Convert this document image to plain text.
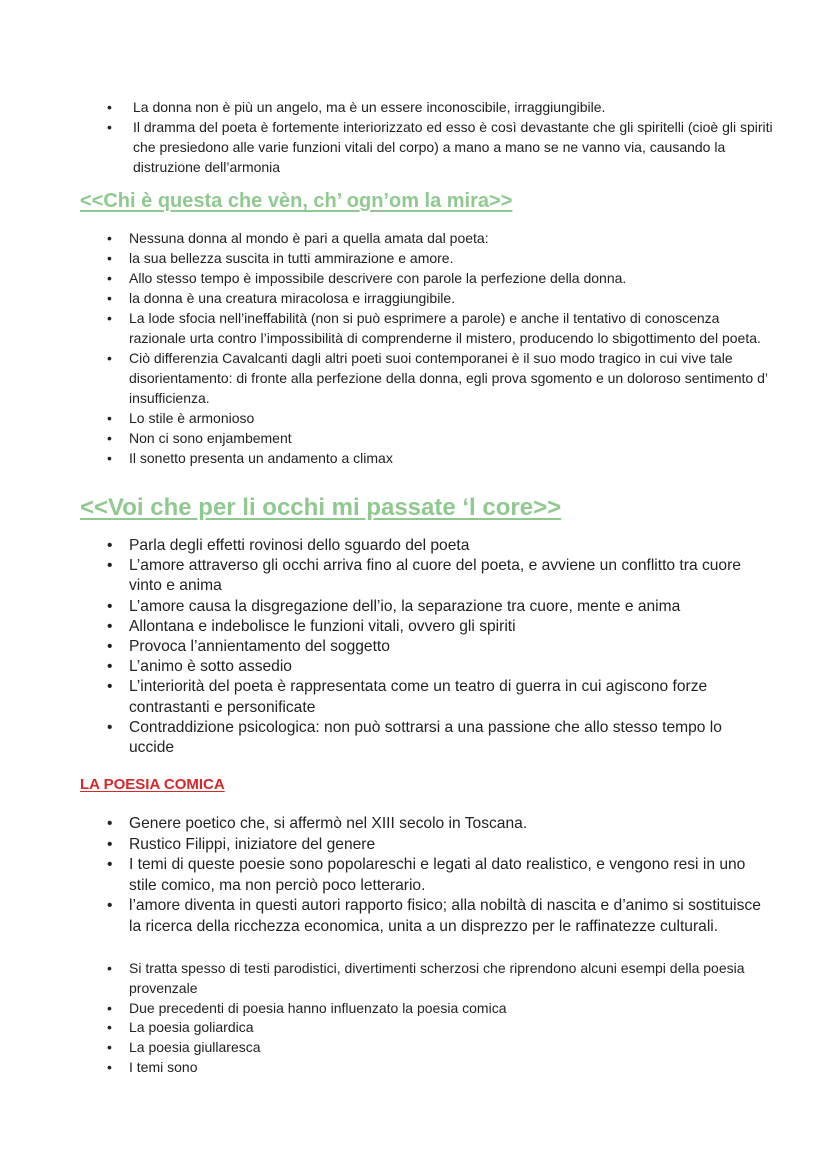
• La donna non è più un angelo, ma è un essere inconoscibile, irraggiungibile.
• Il dramma del poeta è fortemente interiorizzato ed esso è così devastante che gli spiritelli (cioè gli spiriti che presiedono alle varie funzioni vitali del corpo) a mano a mano se ne vanno via, causando la distruzione dell’armonia
<<Chi è questa che vèn, ch’ ogn’om la mira>>
• Nessuna donna al mondo è pari a quella amata dal poeta:
• la sua bellezza suscita in tutti ammirazione e amore.
• Allo stesso tempo è impossibile descrivere con parole la perfezione della donna.
• la donna è una creatura miracolosa e irraggiungibile.
• La lode sfocia nell’ineffabilità (non si può esprimere a parole) e anche il tentativo di conoscenza razionale urta contro l’impossibilità di comprenderne il mistero, producendo lo sbigottimento del poeta.
• Ciò differenzia Cavalcanti dagli altri poeti suoi contemporanei è il suo modo tragico in cui vive tale disorientamento: di fronte alla perfezione della donna, egli prova sgomento e un doloroso sentimento d’ insufficienza.
• Lo stile è armonioso
• Non ci sono enjambement
• Il sonetto presenta un andamento a climax
<<Voi che per li occhi mi passate ‘l core>>
• Parla degli effetti rovinosi dello sguardo del poeta
• L’amore attraverso gli occhi arriva fino al cuore del poeta, e avviene un conflitto tra cuore vinto e anima
• L’amore causa la disgregazione dell’io, la separazione tra cuore, mente e anima
• Allontana e indebolisce le funzioni vitali, ovvero gli spiriti
• Provoca l’annientamento del soggetto
• L’animo è sotto assedio
• L’interiorità del poeta è rappresentata come un teatro di guerra in cui agiscono forze contrastanti e personificate
• Contraddizione psicologica: non può sottrarsi a una passione che allo stesso tempo lo uccide
LA POESIA COMICA
• Genere poetico che, si affermò nel XIII secolo in Toscana.
• Rustico Filippi, iniziatore del genere
• I temi di queste poesie sono popolareschi e legati al dato realistico, e vengono resi in uno stile comico, ma non perciò poco letterario.
• l’amore diventa in questi autori rapporto fisico; alla nobiltà di nascita e d’animo si sostituisce la ricerca della ricchezza economica, unita a un disprezzo per le raffinatezze culturali.
• Si tratta spesso di testi parodistici, divertimenti scherzosi che riprendono alcuni esempi della poesia provenzale
• Due precedenti di poesia hanno influenzato la poesia comica
• La poesia goliardica
• La poesia giullaresca
• I temi sono
